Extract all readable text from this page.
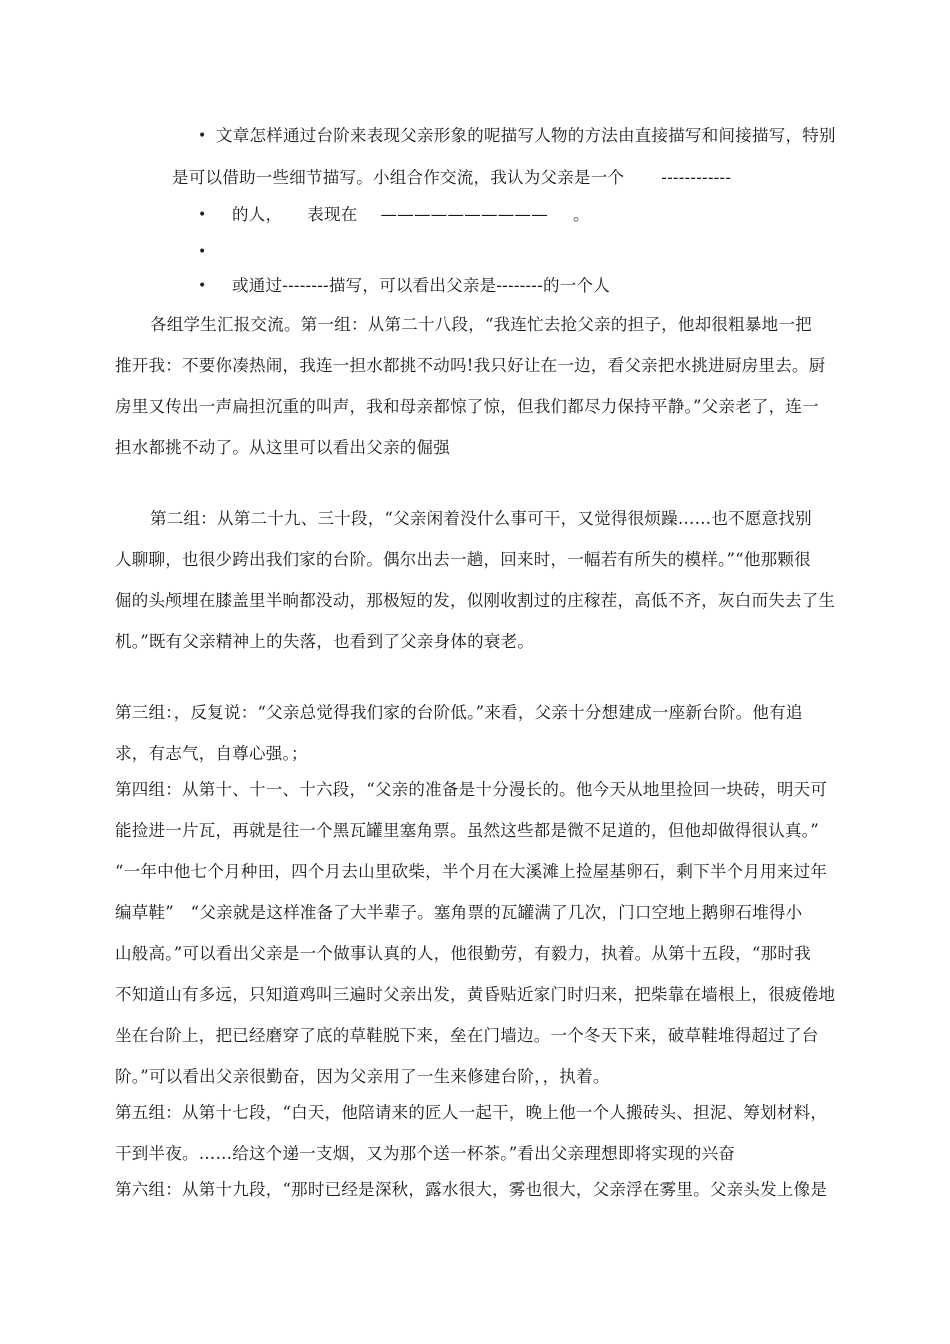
• 文章怎样通过台阶来表现父亲形象的呢描写人物的方法由直接描写和间接描写，特别
是可以借助一些细节描写。小组合作交流，我认为父亲是一个 ------------
• 的人， 表现在 —————————— 。
•
• 或通过--------描写，可以看出父亲是--------的一个人
各组学生汇报交流。第一组：从第二十八段，“我连忙去抢父亲的担子，他却很粗暴地一把
推开我：不要你凑热闹，我连一担水都挑不动吗!我只好让在一边，看父亲把水挑进厨房里去。厨
房里又传出一声扁担沉重的叫声，我和母亲都惊了惊，但我们都尽力保持平静。”父亲老了，连一
担水都挑不动了。从这里可以看出父亲的倔强
第二组：从第二十九、三十段，“父亲闲着没什么事可干，又觉得很烦躁……也不愿意找别
人聊聊，也很少跨出我们家的台阶。偶尔出去一趟，回来时，一幅若有所失的模样。”“他那颗很
倔的头颅埋在膝盖里半晌都没动，那极短的发，似刚收割过的庄稼茬，高低不齐，灰白而失去了生
机。”既有父亲精神上的失落，也看到了父亲身体的衰老。
第三组：，反复说：“父亲总觉得我们家的台阶低。”来看，父亲十分想建成一座新台阶。他有追
求，有志气，自尊心强。；
第四组：从第十、十一、十六段，“父亲的准备是十分漫长的。他今天从地里捡回一块砖，明天可
能捡进一片瓦，再就是往一个黑瓦罐里塞角票。虽然这些都是微不足道的，但他却做得很认真。”
“一年中他七个月种田，四个月去山里砍柴，半个月在大溪滩上捡屋基卵石，剩下半个月用来过年
编草鞋”　“父亲就是这样准备了大半辈子。塞角票的瓦罐满了几次，门口空地上鹅卵石堆得小
山般高。”可以看出父亲是一个做事认真的人，他很勤劳，有毅力，执着。从第十五段，“那时我
不知道山有多远，只知道鸡叫三遍时父亲出发，黄昏贴近家门时归来，把柴靠在墙根上，很疲倦地
坐在台阶上，把已经磨穿了底的草鞋脱下来，垒在门墙边。一个冬天下来，破草鞋堆得超过了台
阶。”可以看出父亲很勤奋，因为父亲用了一生来修建台阶，，执着。
第五组：从第十七段，“白天，他陪请来的匠人一起干，晚上他一个人搬砖头、担泥、筹划材料，
干到半夜。……给这个递一支烟，又为那个送一杯茶。”看出父亲理想即将实现的兴奋
第六组：从第十九段，“那时已经是深秋，露水很大，雾也很大，父亲浮在雾里。父亲头发上像是
